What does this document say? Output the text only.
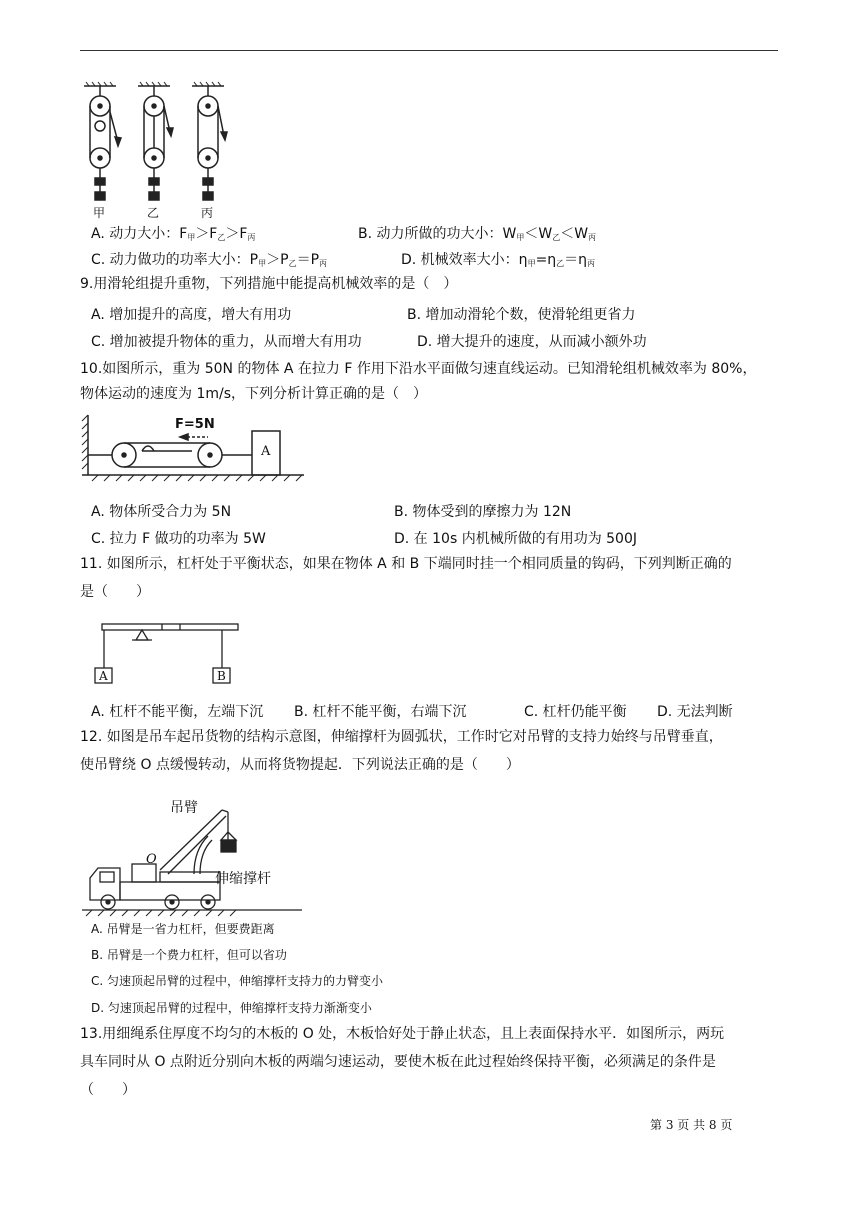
甲	乙	丙
A. 动力大小：$F_甲>F_乙>F_丙$	B. 动力所做的功大小：$W_甲<W_乙<W_丙$
C. 动力做功的功率大小：$P_甲>P_乙=P_丙$	D. 机械效率大小：$\eta_甲=\eta_乙=\eta_丙$
9.用滑轮组提升重物，下列措施中能提高机械效率的是（　）
A. 增加提升的高度，增大有用功	B. 增加动滑轮个数，使滑轮组更省力
C. 增加被提升物体的重力，从而增大有用功	D. 增大提升的速度，从而减小额外功
10.如图所示，重为 50N 的物体 A 在拉力 F 作用下沿水平面做匀速直线运动。已知滑轮组机械效率为 80%，
物体运动的速度为 1m/s，下列分析计算正确的是（　）
F=5N
A
A. 物体所受合力为 5N	B. 物体受到的摩擦力为 12N
C. 拉力 F 做功的功率为 5W	D. 在 10s 内机械所做的有用功为 500J
11. 如图所示，杠杆处于平衡状态，如果在物体 A 和 B 下端同时挂一个相同质量的钩码，下列判断正确的
是（　　）
A	B
A. 杠杆不能平衡，左端下沉 B. 杠杆不能平衡，右端下沉	C. 杠杆仍能平衡 D. 无法判断
12. 如图是吊车起吊货物的结构示意图，伸缩撑杆为圆弧状，工作时它对吊臂的支持力始终与吊臂垂直，
使吊臂绕 O 点缓慢转动，从而将货物提起．下列说法正确的是（　　）
吊臂
伸缩撑杆
O
A. 吊臂是一省力杠杆，但要费距离
B. 吊臂是一个费力杠杆，但可以省功
C. 匀速顶起吊臂的过程中，伸缩撑杆支持力的力臂变小
D. 匀速顶起吊臂的过程中，伸缩撑杆支持力渐渐变小
13.用细绳系住厚度不均匀的木板的 O 处，木板恰好处于静止状态，且上表面保持水平．如图所示，两玩
具车同时从 O 点附近分别向木板的两端匀速运动，要使木板在此过程始终保持平衡，必须满足的条件是
（　　）
第 3 页 共 8 页
